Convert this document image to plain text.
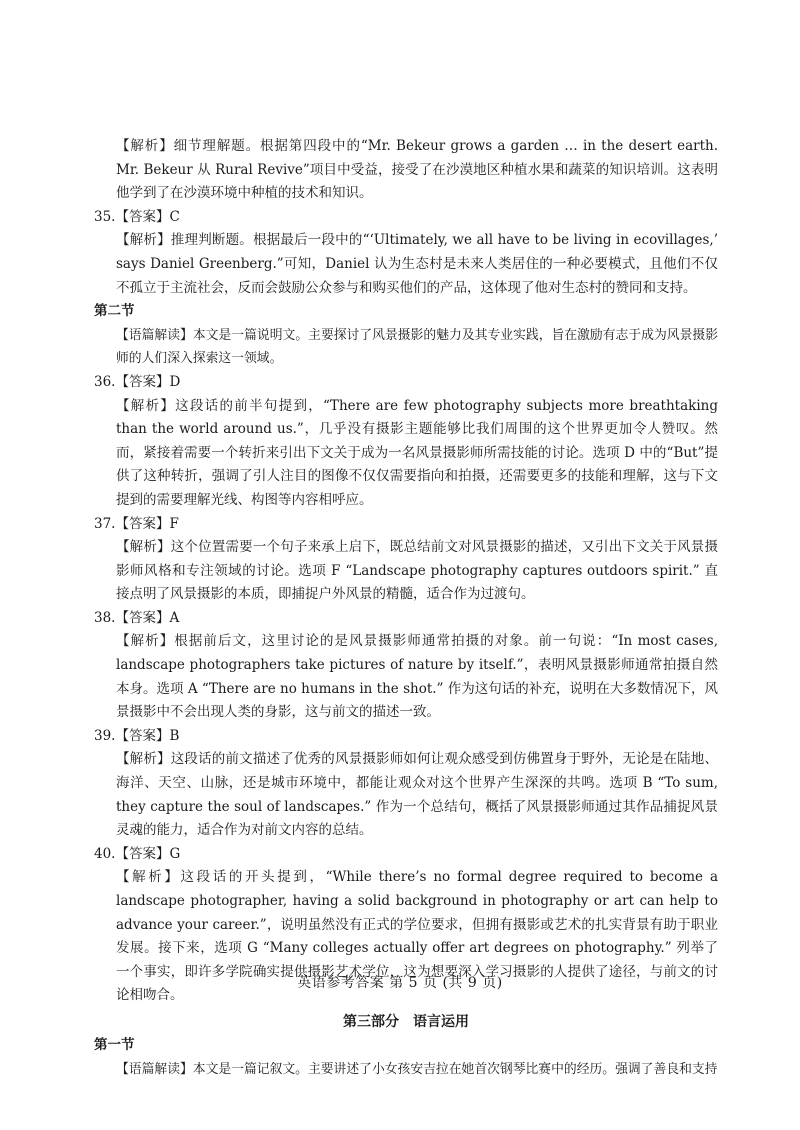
【解析】细节理解题。根据第四段中的“Mr. Bekeur grows a garden … in the desert earth. Mr. Bekeur 从 Rural Revive”项目中受益，接受了在沙漠地区种植水果和蔬菜的知识培训。这表明他学到了在沙漠环境中种植的技术和知识。

35.【答案】C

【解析】推理判断题。根据最后一段中的“‘Ultimately, we all have to be living in ecovillages,’ says Daniel Greenberg.”可知，Daniel 认为生态村是未来人类居住的一种必要模式，且他们不仅不孤立于主流社会，反而会鼓励公众参与和购买他们的产品，这体现了他对生态村的赞同和支持。

第二节

【语篇解读】本文是一篇说明文。主要探讨了风景摄影的魅力及其专业实践，旨在激励有志于成为风景摄影师的人们深入探索这一领域。

36.【答案】D

【解析】这段话的前半句提到，“There are few photography subjects more breathtaking than the world around us.”，几乎没有摄影主题能够比我们周围的这个世界更加令人赞叹。然而，紧接着需要一个转折来引出下文关于成为一名风景摄影师所需技能的讨论。选项 D 中的“But”提供了这种转折，强调了引人注目的图像不仅仅需要指向和拍摄，还需要更多的技能和理解，这与下文提到的需要理解光线、构图等内容相呼应。

37.【答案】F

【解析】这个位置需要一个句子来承上启下，既总结前文对风景摄影的描述，又引出下文关于风景摄影师风格和专注领域的讨论。选项 F “Landscape photography captures outdoors spirit.” 直接点明了风景摄影的本质，即捕捉户外风景的精髓，适合作为过渡句。

38.【答案】A

【解析】根据前后文，这里讨论的是风景摄影师通常拍摄的对象。前一句说：“In most cases, landscape photographers take pictures of nature by itself.”，表明风景摄影师通常拍摄自然本身。选项 A “There are no humans in the shot.” 作为这句话的补充，说明在大多数情况下，风景摄影中不会出现人类的身影，这与前文的描述一致。

39.【答案】B

【解析】这段话的前文描述了优秀的风景摄影师如何让观众感受到仿佛置身于野外，无论是在陆地、海洋、天空、山脉，还是城市环境中，都能让观众对这个世界产生深深的共鸣。选项 B “To sum, they capture the soul of landscapes.” 作为一个总结句，概括了风景摄影师通过其作品捕捉风景灵魂的能力，适合作为对前文内容的总结。

40.【答案】G

【解析】这段话的开头提到，“While there’s no formal degree required to become a landscape photographer, having a solid background in photography or art can help to advance your career.”，说明虽然没有正式的学位要求，但拥有摄影或艺术的扎实背景有助于职业发展。接下来，选项 G “Many colleges actually offer art degrees on photography.” 列举了一个事实，即许多学院确实提供摄影艺术学位，这为想要深入学习摄影的人提供了途径，与前文的讨论相吻合。

第三部分　语言运用

第一节

【语篇解读】本文是一篇记叙文。主要讲述了小女孩安吉拉在她首次钢琴比赛中的经历。强调了善良和支持

英语参考答案 第 5 页 (共 9 页)
